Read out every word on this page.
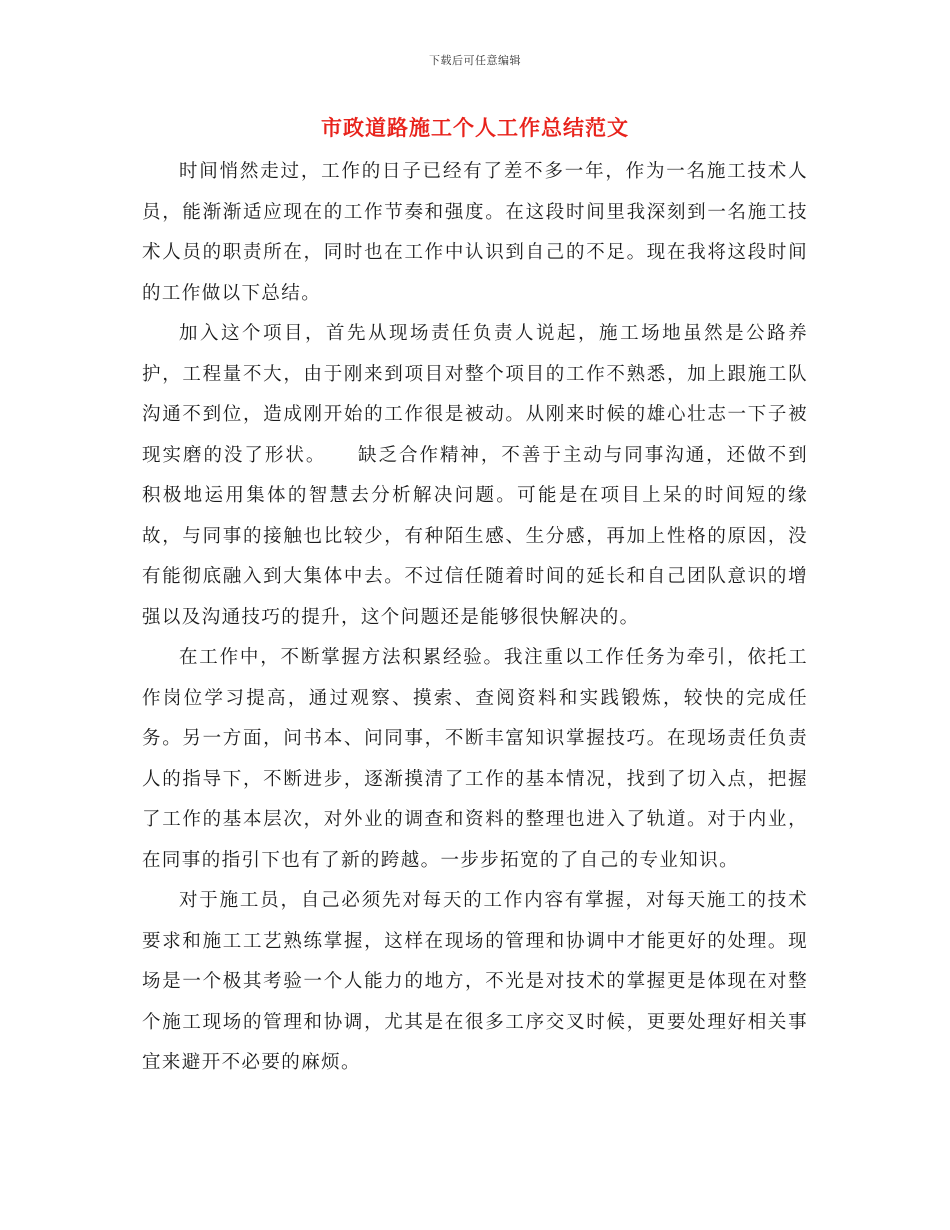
下载后可任意编辑
市政道路施工个人工作总结范文

时间悄然走过，工作的日子已经有了差不多一年，作为一名施工技术人员，能渐渐适应现在的工作节奏和强度。在这段时间里我深刻到一名施工技术人员的职责所在，同时也在工作中认识到自己的不足。现在我将这段时间的工作做以下总结。

加入这个项目，首先从现场责任负责人说起，施工场地虽然是公路养护，工程量不大，由于刚来到项目对整个项目的工作不熟悉，加上跟施工队沟通不到位，造成刚开始的工作很是被动。从刚来时候的雄心壮志一下子被现实磨的没了形状。　　缺乏合作精神，不善于主动与同事沟通，还做不到积极地运用集体的智慧去分析解决问题。可能是在项目上呆的时间短的缘故，与同事的接触也比较少，有种陌生感、生分感，再加上性格的原因，没有能彻底融入到大集体中去。不过信任随着时间的延长和自己团队意识的增强以及沟通技巧的提升，这个问题还是能够很快解决的。

在工作中，不断掌握方法积累经验。我注重以工作任务为牵引，依托工作岗位学习提高，通过观察、摸索、查阅资料和实践锻炼，较快的完成任务。另一方面，问书本、问同事，不断丰富知识掌握技巧。在现场责任负责人的指导下，不断进步，逐渐摸清了工作的基本情况，找到了切入点，把握了工作的基本层次，对外业的调查和资料的整理也进入了轨道。对于内业，在同事的指引下也有了新的跨越。一步步拓宽的了自己的专业知识。

对于施工员，自己必须先对每天的工作内容有掌握，对每天施工的技术要求和施工工艺熟练掌握，这样在现场的管理和协调中才能更好的处理。现场是一个极其考验一个人能力的地方，不光是对技术的掌握更是体现在对整个施工现场的管理和协调，尤其是在很多工序交叉时候，更要处理好相关事宜来避开不必要的麻烦。
